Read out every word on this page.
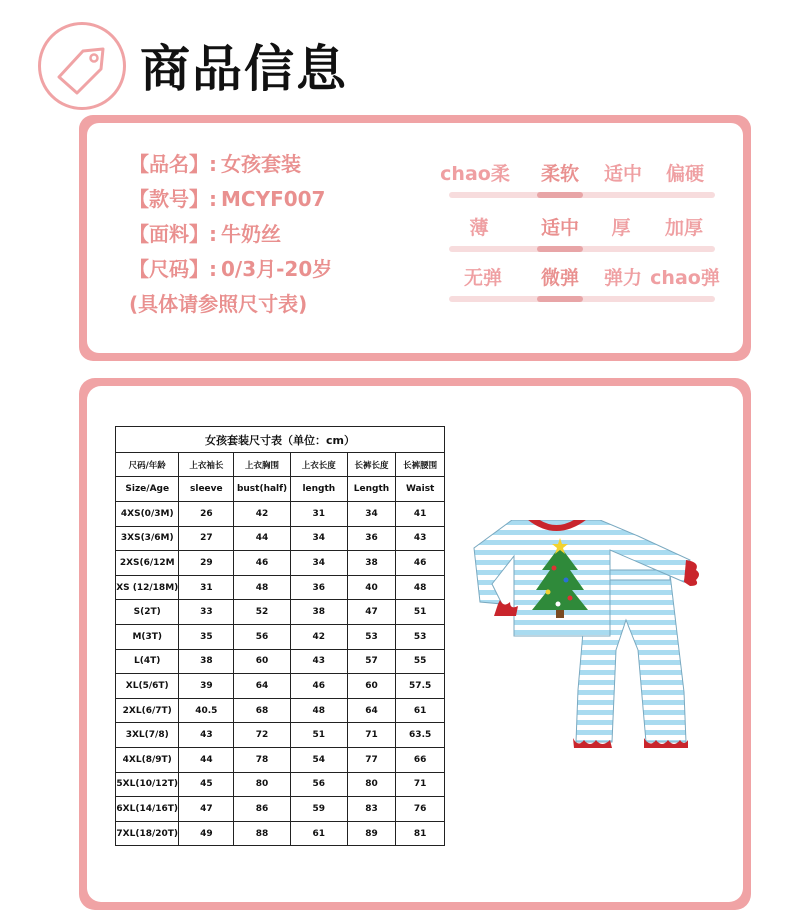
商品信息
【品名】: 女孩套装
【款号】: MCYF007
【面料】: 牛奶丝
【尺码】: 0/3月-20岁
(具体请参照尺寸表)
chao柔 柔软 适中 偏硬
薄	适中 厚 加厚
无弹 微弹 弹力 chao弹
女孩套装尺寸表（单位：cm）					
尺码/年龄	上衣袖长	上衣胸围	上衣长度	长裤长度	长裤腰围
Size/Age	sleeve	bust(half)	length	Length	Waist
4XS(0/3M)	26	42	31	34	41
3XS(3/6M)	27	44	34	36	43
2XS(6/12M	29	46	34	38	46
XS (12/18M)	31	48	36	40	48
S(2T)	33	52	38	47	51
M(3T)	35	56	42	53	53
L(4T)	38	60	43	57	55
XL(5/6T)	39	64	46	60	57.5
2XL(6/7T)	40.5	68	48	64	61
3XL(7/8)	43	72	51	71	63.5
4XL(8/9T)	44	78	54	77	66
5XL(10/12T)	45	80	56	80	71
6XL(14/16T)	47	86	59	83	76
7XL(18/20T)	49	88	61	89	81
